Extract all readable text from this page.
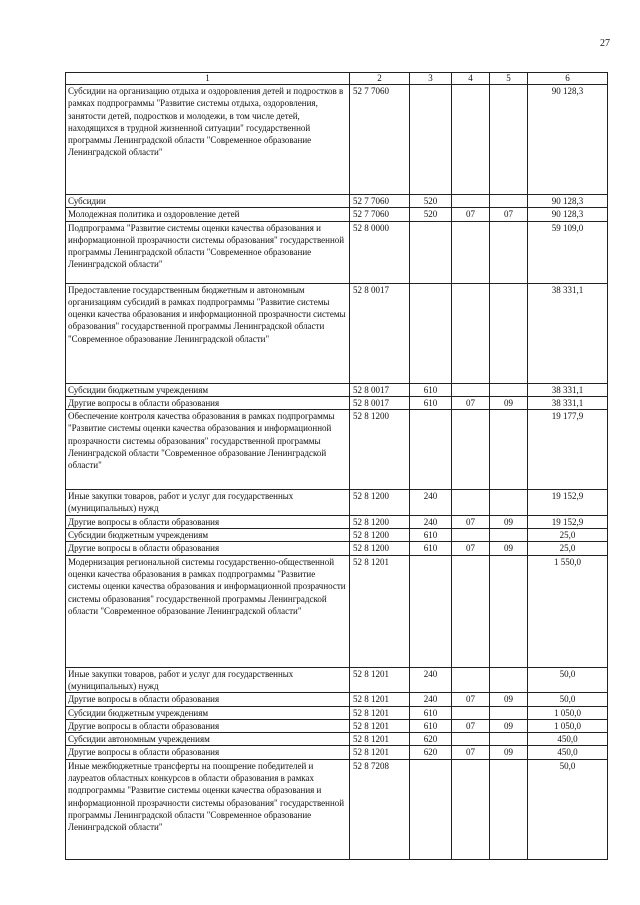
27
1	2	3	4	5	6
Субсидии на организацию отдыха и оздоровления детей и подростков в рамках подпрограммы "Развитие системы отдыха, оздоровления, занятости детей, подростков и молодежи, в том числе детей, находящихся в трудной жизненной ситуации" государственной программы Ленинградской области "Современное образование Ленинградской области"	52 7 7060				90 128,3
Субсидии	52 7 7060	520			90 128,3
Молодежная политика и оздоровление детей	52 7 7060	520	07	07	90 128,3
Подпрограмма "Развитие системы оценки качества образования и информационной прозрачности системы образования" государственной программы Ленинградской области "Современное образование Ленинградской области"	52 8 0000				59 109,0
Предоставление государственным бюджетным и автономным организациям субсидий в рамках подпрограммы "Развитие системы оценки качества образования и информационной прозрачности системы образования" государственной программы Ленинградской области "Современное образование Ленинградской области"	52 8 0017				38 331,1
Субсидии бюджетным учреждениям	52 8 0017	610			38 331,1
Другие вопросы в области образования	52 8 0017	610	07	09	38 331,1
Обеспечение контроля качества образования в рамках подпрограммы "Развитие системы оценки качества образования и информационной прозрачности системы образования" государственной программы Ленинградской области "Современное образование Ленинградской области"	52 8 1200				19 177,9
Иные закупки товаров, работ и услуг для государственных (муниципальных) нужд	52 8 1200	240			19 152,9
Другие вопросы в области образования	52 8 1200	240	07	09	19 152,9
Субсидии бюджетным учреждениям	52 8 1200	610			25,0
Другие вопросы в области образования	52 8 1200	610	07	09	25,0
Модернизация региональной системы государственно-общественной оценки качества образования в рамках подпрограммы "Развитие системы оценки качества образования и информационной прозрачности системы образования" государственной программы Ленинградской области "Современное образование Ленинградской области"	52 8 1201				1 550,0
Иные закупки товаров, работ и услуг для государственных (муниципальных) нужд	52 8 1201	240			50,0
Другие вопросы в области образования	52 8 1201	240	07	09	50,0
Субсидии бюджетным учреждениям	52 8 1201	610			1 050,0
Другие вопросы в области образования	52 8 1201	610	07	09	1 050,0
Субсидии автономным учреждениям	52 8 1201	620			450,0
Другие вопросы в области образования	52 8 1201	620	07	09	450,0
Иные межбюджетные трансферты на поощрение победителей и лауреатов областных конкурсов в области образования в рамках подпрограммы "Развитие системы оценки качества образования и информационной прозрачности системы образования" государственной программы Ленинградской области "Современное образование Ленинградской области"	52 8 7208				50,0
